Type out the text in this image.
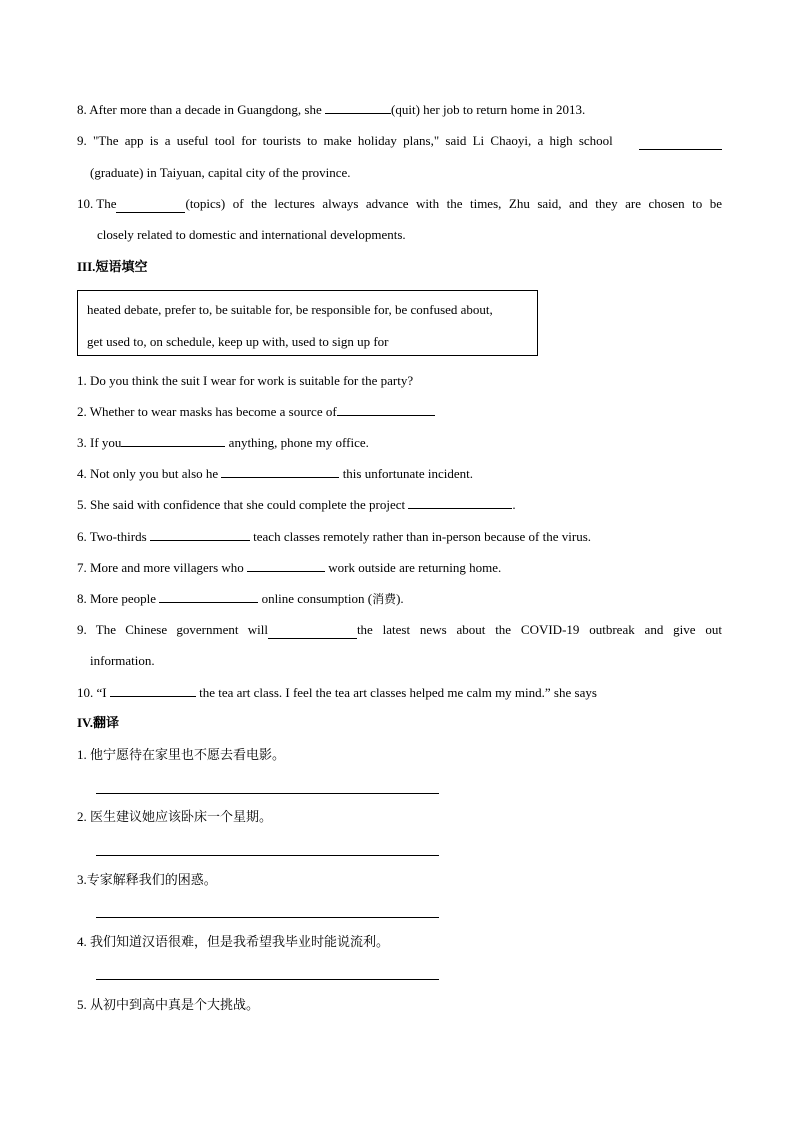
8. After more than a decade in Guangdong, she	(quit) her job to return home in 2013.
9. "The app is a useful tool for tourists to make holiday plans," said Li Chaoyi, a high school
(graduate) in Taiyuan, capital city of the province.
10. The	(topics) of the lectures always advance with the times, Zhu said, and they are chosen to be
closely related to domestic and international developments.
III.短语填空
heated debate, prefer to, be suitable for, be responsible for, be confused about,
get used to, on schedule, keep up with, used to sign up for
1. Do you think the suit I wear for work is suitable for the party?
2. Whether to wear masks has become a source of
3. If you	anything, phone my office.
4. Not only you but also he	this unfortunate incident.
5. She said with confidence that she could complete the project	.
6. Two-thirds	teach classes remotely rather than in-person because of the virus.
7. More and more villagers who	work outside are returning home.
8. More people	online consumption (消费).
9. The Chinese government will	the latest news about the COVID-19 outbreak and give out
information.
10. “I	the tea art class. I feel the tea art classes helped me calm my mind.” she says
IV.翻译
1. 他宁愿待在家里也不愿去看电影。
2. 医生建议她应该卧床一个星期。
3.专家解释我们的困惑。
4. 我们知道汉语很难，但是我希望我毕业时能说流利。
5. 从初中到高中真是个大挑战。
